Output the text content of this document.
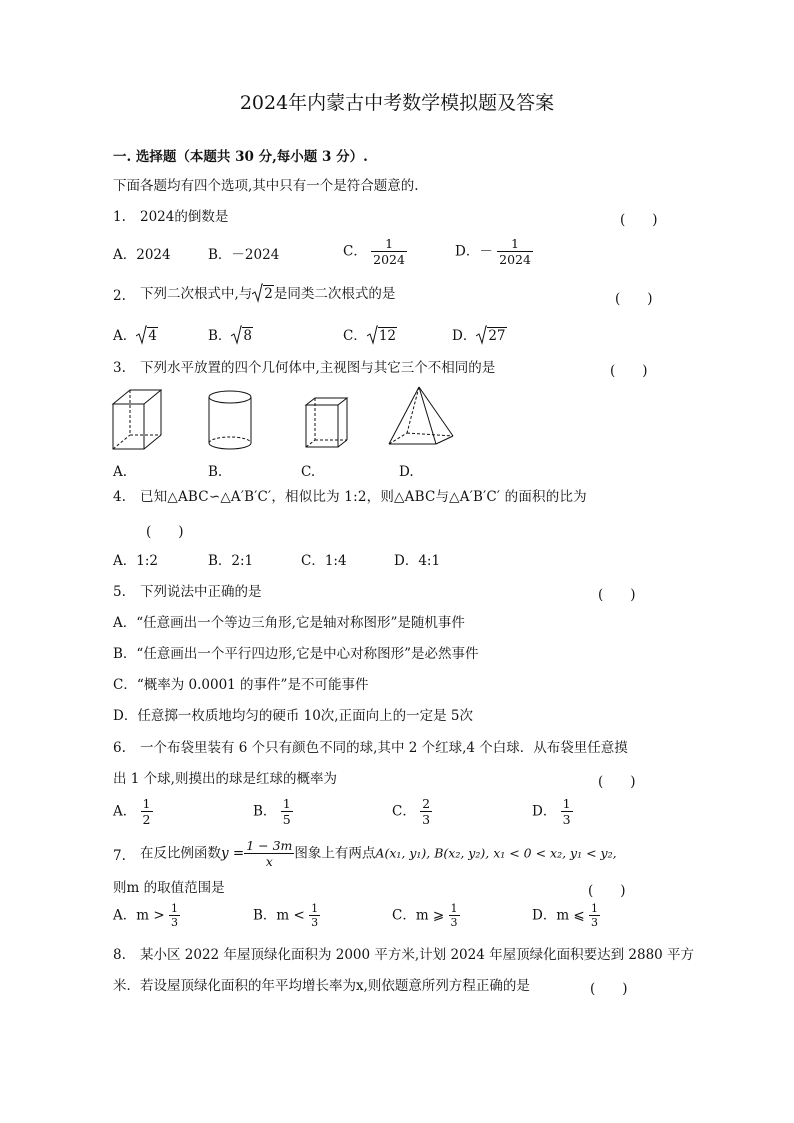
2024年内蒙古中考数学模拟题及答案
一. 选择题（本题共 30 分,每小题 3 分）.
下面各题均有四个选项,其中只有一个是符合题意的.
1. 2024的倒数是	(　　)
A．2024	B．－2024	C． $\frac{1}{2024}$	D．－ $\frac{1}{2024}$
2. 下列二次根式中,与 2是同类二次根式的是	(　　)
A． 4	B． 8	C． 12	D． 27
3. 下列水平放置的四个几何体中,主视图与其它三个不相同的是	(　　)
A.	B.	C.	D.
4. 已知△ABC∽△A′B′C′，相似比为 1:2，则△ABC与△A′B′C′ 的面积的比为
(　　)
A．1:2	B．2:1	C．1:4	D．4:1
5. 下列说法中正确的是	(　　)
A．“任意画出一个等边三角形,它是轴对称图形”是随机事件
B．“任意画出一个平行四边形,它是中心对称图形”是必然事件
C．“概率为 0.0001 的事件”是不可能事件
D．任意掷一枚质地均匀的硬币 10次,正面向上的一定是 5次
6. 一个布袋里装有 6 个只有颜色不同的球,其中 2 个红球,4 个白球．从布袋里任意摸
出 1 个球,则摸出的球是红球的概率为	(　　)
A． $\frac{1}{2}$	B． $\frac{1}{5}$	C． $\frac{2}{3}$	D． $\frac{1}{3}$
7. 在反比例函数$y = \frac{1 - 3m}{x}$ 图象上有两点A(x₁, y₁), B(x₂, y₂), x₁ < 0 < x₂, y₁ < y₂,
则m 的取值范围是	(　　)
A．$m > \frac{1}{3}$	B．$m < \frac{1}{3}$	C．m ⩾ $\frac{1}{3}$	D．m ⩽ $\frac{1}{3}$
8. 某小区 2022 年屋顶绿化面积为 2000 平方米,计划 2024 年屋顶绿化面积要达到 2880 平方
米．若设屋顶绿化面积的年平均增长率为x,则依题意所列方程正确的是	(　　)
